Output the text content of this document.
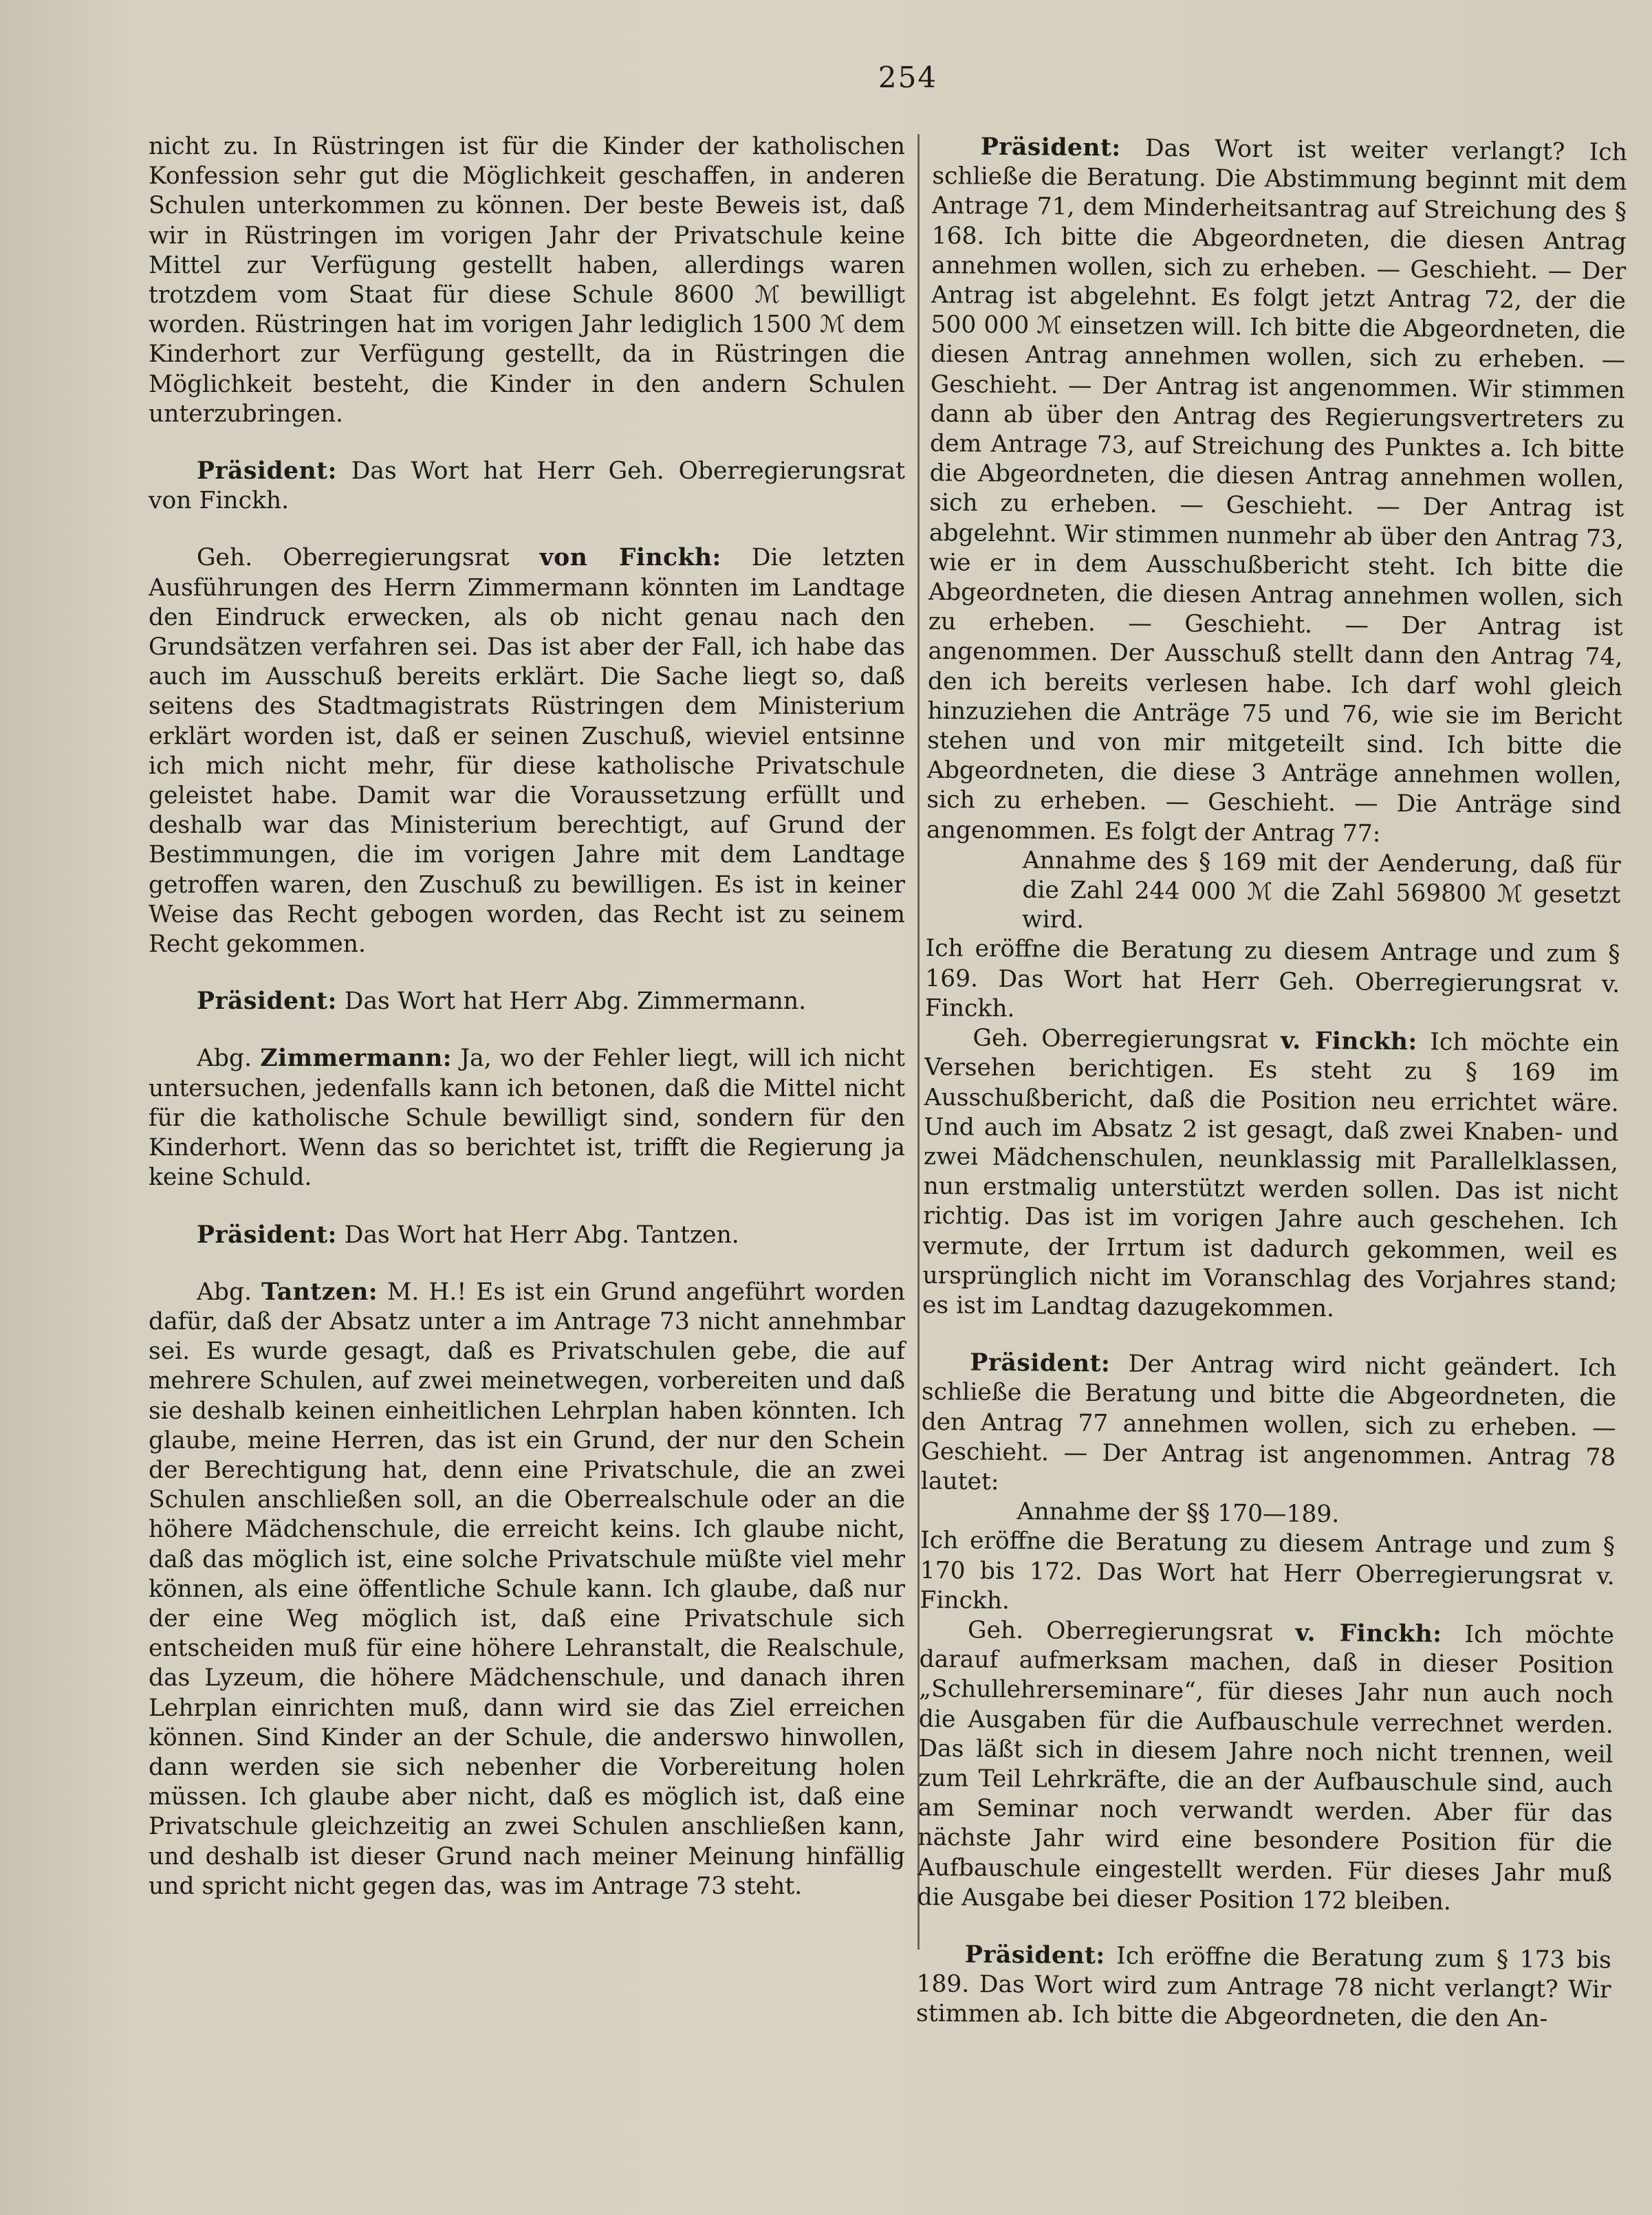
254

nicht zu. In Rüstringen ist für die Kinder der katholischen Konfession sehr gut die Möglichkeit geschaffen, in anderen Schulen unterkommen zu können. Der beste Beweis ist, daß wir in Rüstringen im vorigen Jahr der Privatschule keine Mittel zur Verfügung gestellt haben, allerdings waren trotzdem vom Staat für diese Schule 8600 ℳ bewilligt worden. Rüstringen hat im vorigen Jahr lediglich 1500 ℳ dem Kinderhort zur Verfügung gestellt, da in Rüstringen die Möglichkeit besteht, die Kinder in den andern Schulen unterzubringen.

Präsident: Das Wort hat Herr Geh. Oberregierungsrat von Finckh.

Geh. Oberregierungsrat von Finckh: Die letzten Ausführungen des Herrn Zimmermann könnten im Landtage den Eindruck erwecken, als ob nicht genau nach den Grundsätzen verfahren sei. Das ist aber der Fall, ich habe das auch im Ausschuß bereits erklärt. Die Sache liegt so, daß seitens des Stadtmagistrats Rüstringen dem Ministerium erklärt worden ist, daß er seinen Zuschuß, wieviel entsinne ich mich nicht mehr, für diese katholische Privatschule geleistet habe. Damit war die Voraussetzung erfüllt und deshalb war das Ministerium berechtigt, auf Grund der Bestimmungen, die im vorigen Jahre mit dem Landtage getroffen waren, den Zuschuß zu bewilligen. Es ist in keiner Weise das Recht gebogen worden, das Recht ist zu seinem Recht gekommen.

Präsident: Das Wort hat Herr Abg. Zimmermann.

Abg. Zimmermann: Ja, wo der Fehler liegt, will ich nicht untersuchen, jedenfalls kann ich betonen, daß die Mittel nicht für die katholische Schule bewilligt sind, sondern für den Kinderhort. Wenn das so berichtet ist, trifft die Regierung ja keine Schuld.

Präsident: Das Wort hat Herr Abg. Tantzen.

Abg. Tantzen: M. H.! Es ist ein Grund angeführt worden dafür, daß der Absatz unter a im Antrage 73 nicht annehmbar sei. Es wurde gesagt, daß es Privatschulen gebe, die auf mehrere Schulen, auf zwei meinetwegen, vorbereiten und daß sie deshalb keinen einheitlichen Lehrplan haben könnten. Ich glaube, meine Herren, das ist ein Grund, der nur den Schein der Berechtigung hat, denn eine Privatschule, die an zwei Schulen anschließen soll, an die Oberrealschule oder an die höhere Mädchenschule, die erreicht keins. Ich glaube nicht, daß das möglich ist, eine solche Privatschule müßte viel mehr können, als eine öffentliche Schule kann. Ich glaube, daß nur der eine Weg möglich ist, daß eine Privatschule sich entscheiden muß für eine höhere Lehranstalt, die Realschule, das Lyzeum, die höhere Mädchenschule, und danach ihren Lehrplan einrichten muß, dann wird sie das Ziel erreichen können. Sind Kinder an der Schule, die anderswo hinwollen, dann werden sie sich nebenher die Vorbereitung holen müssen. Ich glaube aber nicht, daß es möglich ist, daß eine Privatschule gleichzeitig an zwei Schulen anschließen kann, und deshalb ist dieser Grund nach meiner Meinung hinfällig und spricht nicht gegen das, was im Antrage 73 steht.

Präsident: Das Wort ist weiter verlangt? Ich schließe die Beratung. Die Abstimmung beginnt mit dem Antrage 71, dem Minderheitsantrag auf Streichung des § 168. Ich bitte die Abgeordneten, die diesen Antrag annehmen wollen, sich zu erheben. — Geschieht. — Der Antrag ist abgelehnt. Es folgt jetzt Antrag 72, der die 500 000 ℳ einsetzen will. Ich bitte die Abgeordneten, die diesen Antrag annehmen wollen, sich zu erheben. — Geschieht. — Der Antrag ist angenommen. Wir stimmen dann ab über den Antrag des Regierungsvertreters zu dem Antrage 73, auf Streichung des Punktes a. Ich bitte die Abgeordneten, die diesen Antrag annehmen wollen, sich zu erheben. — Geschieht. — Der Antrag ist abgelehnt. Wir stimmen nunmehr ab über den Antrag 73, wie er in dem Ausschußbericht steht. Ich bitte die Abgeordneten, die diesen Antrag annehmen wollen, sich zu erheben. — Geschieht. — Der Antrag ist angenommen. Der Ausschuß stellt dann den Antrag 74, den ich bereits verlesen habe. Ich darf wohl gleich hinzuziehen die Anträge 75 und 76, wie sie im Bericht stehen und von mir mitgeteilt sind. Ich bitte die Abgeordneten, die diese 3 Anträge annehmen wollen, sich zu erheben. — Geschieht. — Die Anträge sind angenommen. Es folgt der Antrag 77:

Annahme des § 169 mit der Aenderung, daß für die Zahl 244 000 ℳ die Zahl 569800 ℳ gesetzt wird.

Ich eröffne die Beratung zu diesem Antrage und zum § 169. Das Wort hat Herr Geh. Oberregierungsrat v. Finckh.

Geh. Oberregierungsrat v. Finckh: Ich möchte ein Versehen berichtigen. Es steht zu § 169 im Ausschußbericht, daß die Position neu errichtet wäre. Und auch im Absatz 2 ist gesagt, daß zwei Knaben- und zwei Mädchenschulen, neunklassig mit Parallelklassen, nun erstmalig unterstützt werden sollen. Das ist nicht richtig. Das ist im vorigen Jahre auch geschehen. Ich vermute, der Irrtum ist dadurch gekommen, weil es ursprünglich nicht im Voranschlag des Vorjahres stand; es ist im Landtag dazugekommen.

Präsident: Der Antrag wird nicht geändert. Ich schließe die Beratung und bitte die Abgeordneten, die den Antrag 77 annehmen wollen, sich zu erheben. — Geschieht. — Der Antrag ist angenommen. Antrag 78 lautet:

Annahme der §§ 170—189.

Ich eröffne die Beratung zu diesem Antrage und zum § 170 bis 172. Das Wort hat Herr Oberregierungsrat v. Finckh.

Geh. Oberregierungsrat v. Finckh: Ich möchte darauf aufmerksam machen, daß in dieser Position „Schullehrerseminare“, für dieses Jahr nun auch noch die Ausgaben für die Aufbauschule verrechnet werden. Das läßt sich in diesem Jahre noch nicht trennen, weil zum Teil Lehrkräfte, die an der Aufbauschule sind, auch am Seminar noch verwandt werden. Aber für das nächste Jahr wird eine besondere Position für die Aufbauschule eingestellt werden. Für dieses Jahr muß die Ausgabe bei dieser Position 172 bleiben.

Präsident: Ich eröffne die Beratung zum § 173 bis 189. Das Wort wird zum Antrage 78 nicht verlangt? Wir stimmen ab. Ich bitte die Abgeordneten, die den An-
